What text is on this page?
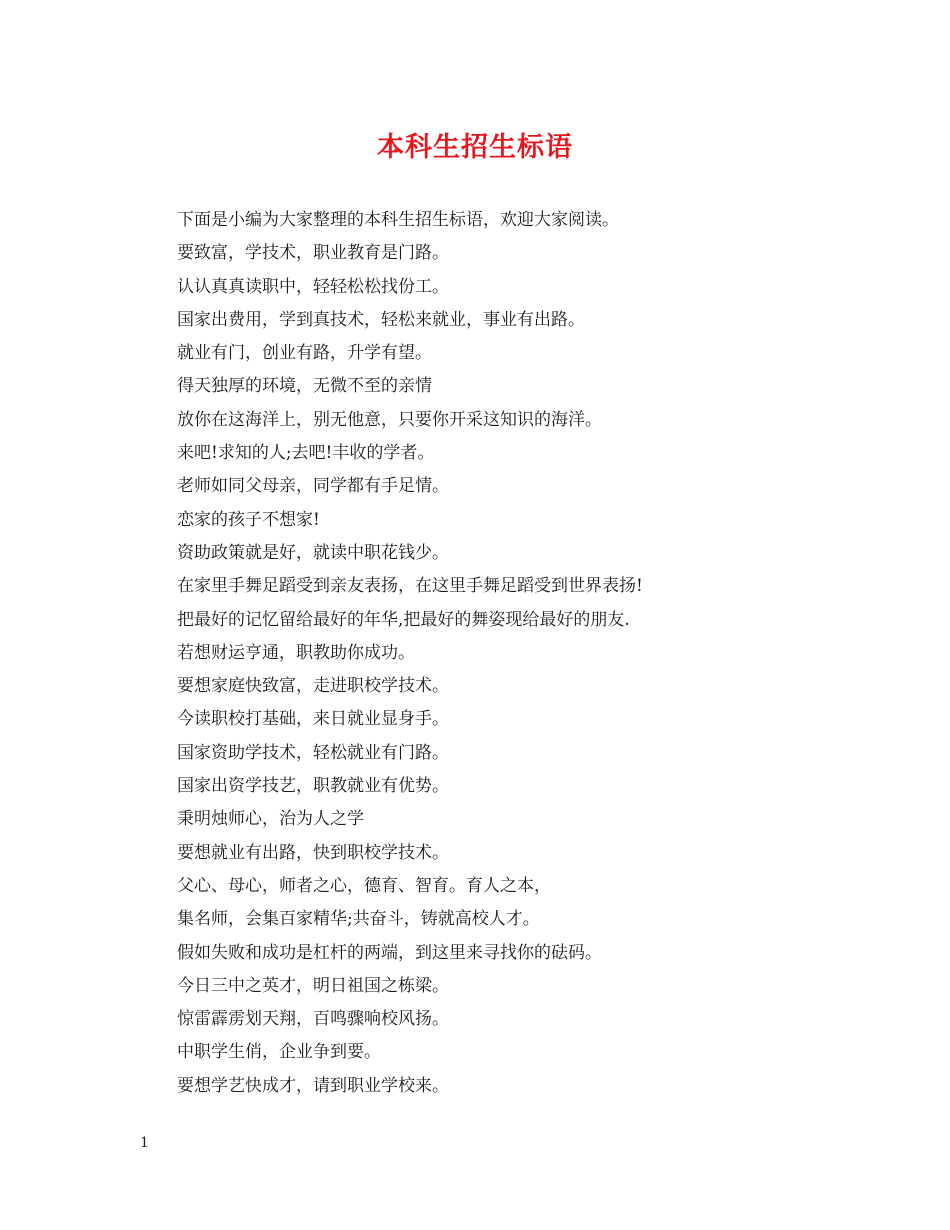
本科生招生标语
下面是小编为大家整理的本科生招生标语，欢迎大家阅读。
要致富，学技术，职业教育是门路。
认认真真读职中，轻轻松松找份工。
国家出费用，学到真技术，轻松来就业，事业有出路。
就业有门，创业有路，升学有望。
得天独厚的环境，无微不至的亲情
放你在这海洋上，别无他意，只要你开采这知识的海洋。
来吧!求知的人;去吧!丰收的学者。
老师如同父母亲，同学都有手足情。
恋家的孩子不想家!
资助政策就是好，就读中职花钱少。
在家里手舞足蹈受到亲友表扬，在这里手舞足蹈受到世界表扬!
把最好的记忆留给最好的年华,把最好的舞姿现给最好的朋友.
若想财运亨通，职教助你成功。
要想家庭快致富，走进职校学技术。
今读职校打基础，来日就业显身手。
国家资助学技术，轻松就业有门路。
国家出资学技艺，职教就业有优势。
秉明烛师心，治为人之学
要想就业有出路，快到职校学技术。
父心、母心，师者之心，德育、智育。育人之本，
集名师，会集百家精华;共奋斗，铸就高校人才。
假如失败和成功是杠杆的两端，到这里来寻找你的砝码。
今日三中之英才，明日祖国之栋梁。
惊雷霹雳划天翔，百鸣骤响校风扬。
中职学生俏，企业争到要。
要想学艺快成才，请到职业学校来。
1
